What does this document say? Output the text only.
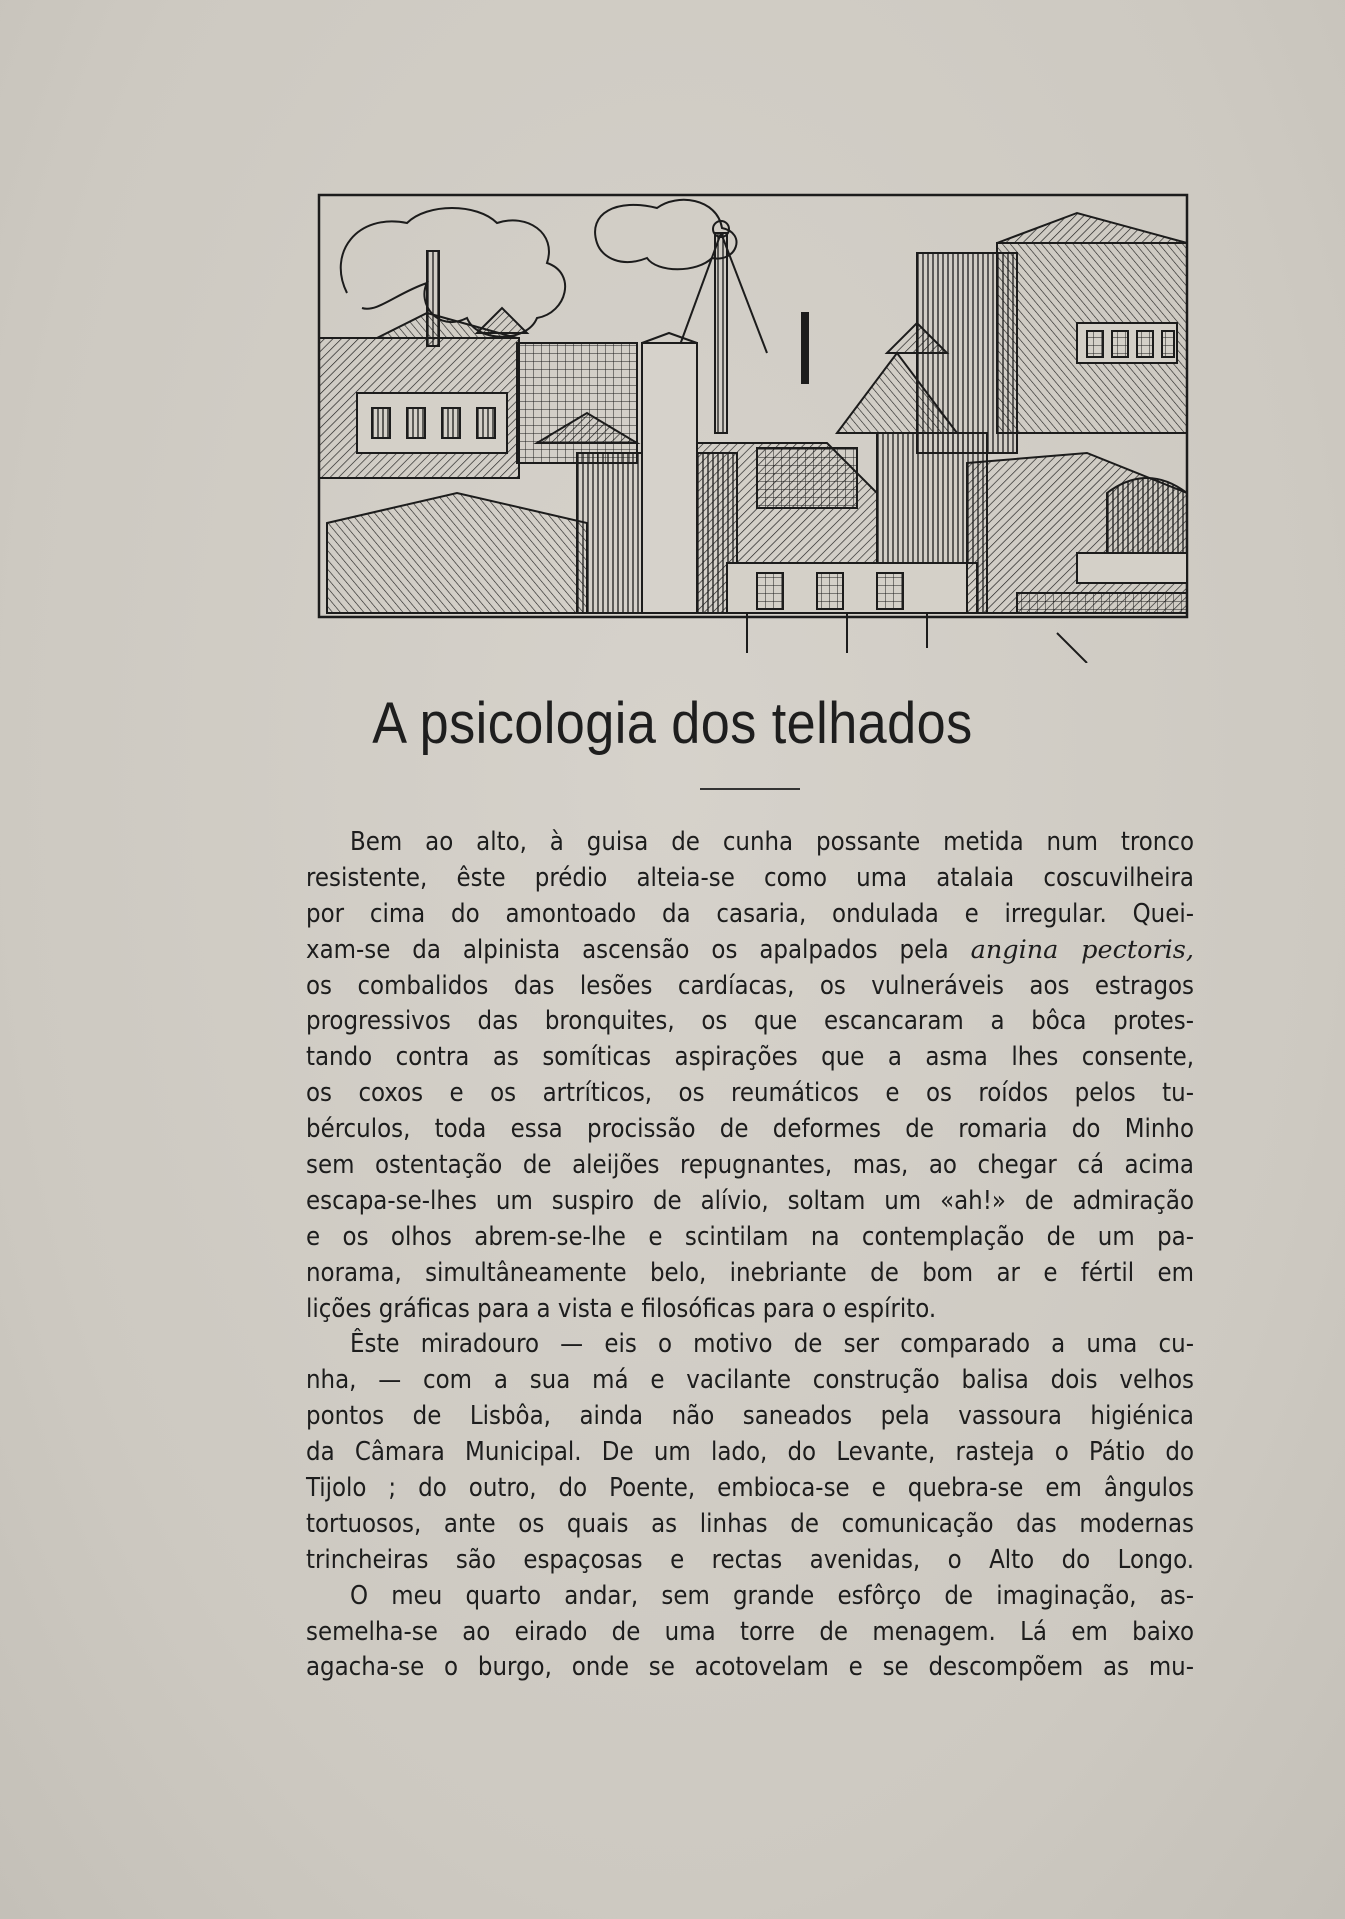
A psicologia dos telhados
Bem ao alto, à guisa de cunha possante metida num tronco
resistente, êste prédio alteia-se como uma atalaia coscuvilheira
por cima do amontoado da casaria, ondulada e irregular. Quei-
xam-se da alpinista ascensão os apalpados pela angina pectoris,
os combalidos das lesões cardíacas, os vulneráveis aos estragos
progressivos das bronquites, os que escancaram a bôca protes-
tando contra as somíticas aspirações que a asma lhes consente,
os coxos e os artríticos, os reumáticos e os roídos pelos tu-
bérculos, toda essa procissão de deformes de romaria do Minho
sem ostentação de aleijões repugnantes, mas, ao chegar cá acima
escapa-se-lhes um suspiro de alívio, soltam um «ah!» de admiração
e os olhos abrem-se-lhe e scintilam na contemplação de um pa-
norama, simultâneamente belo, inebriante de bom ar e fértil em
lições gráficas para a vista e filosóficas para o espírito.
Êste miradouro — eis o motivo de ser comparado a uma cu-
nha, — com a sua má e vacilante construção balisa dois velhos
pontos de Lisbôa, ainda não saneados pela vassoura higiénica
da Câmara Municipal. De um lado, do Levante, rasteja o Pátio do
Tijolo ; do outro, do Poente, embioca-se e quebra-se em ângulos
tortuosos, ante os quais as linhas de comunicação das modernas
trincheiras são espaçosas e rectas avenidas, o Alto do Longo.
O meu quarto andar, sem grande esfôrço de imaginação, as-
semelha-se ao eirado de uma torre de menagem. Lá em baixo
agacha-se o burgo, onde se acotovelam e se descompõem as mu-
